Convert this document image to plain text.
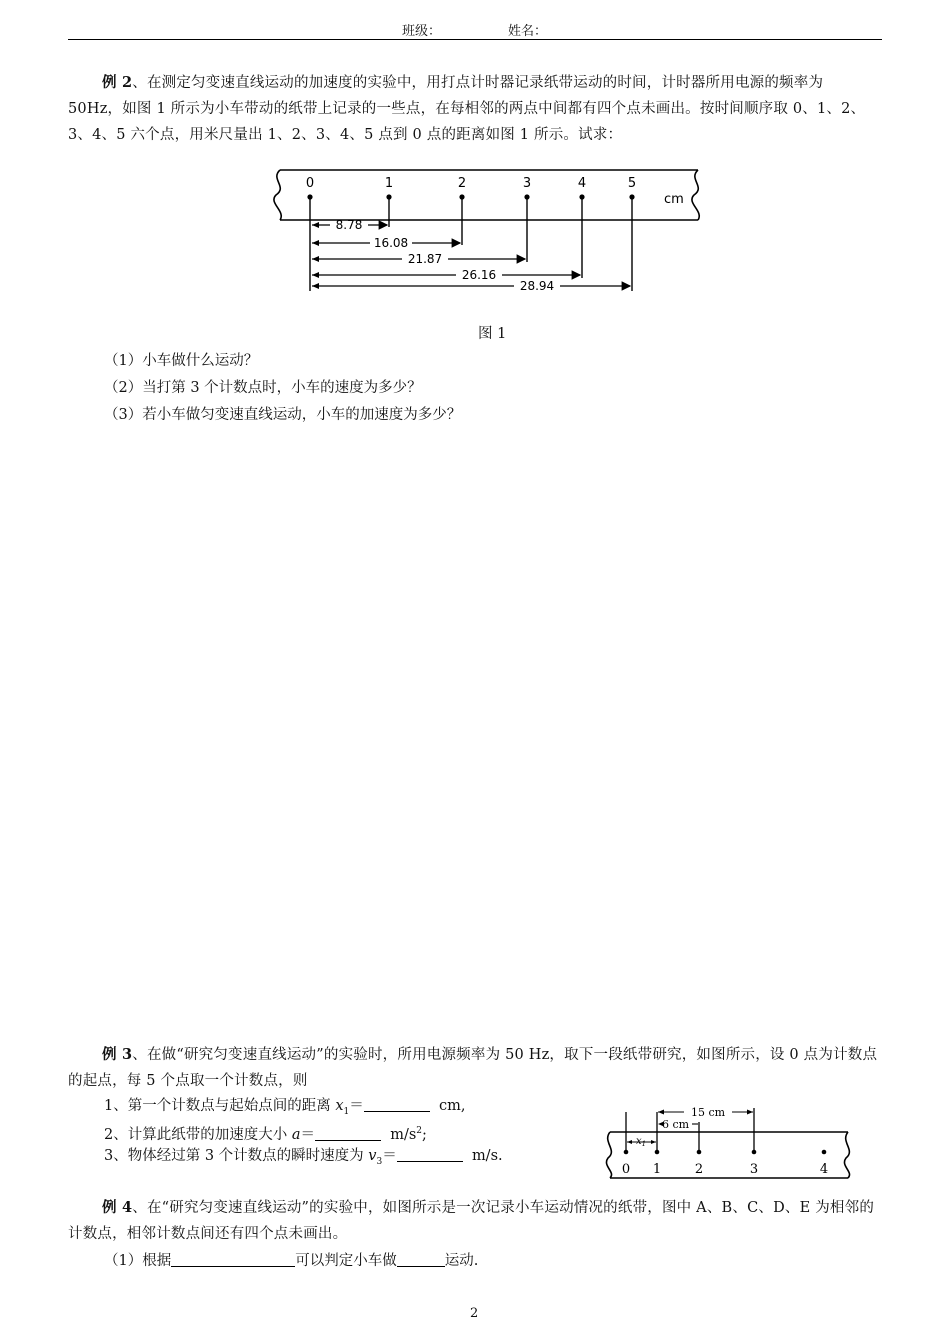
班级：	姓名：
例 2、在测定匀变速直线运动的加速度的实验中，用打点计时器记录纸带运动的时间，计时器所用电源的频率为 50Hz，如图 1 所示为小车带动的纸带上记录的一些点，在每相邻的两点中间都有四个点未画出。按时间顺序取 0、1、2、3、4、5 六个点，用米尺量出 1、2、3、4、5 点到 0 点的距离如图 1 所示。试求：
0	1	2	3	4	5
cm
8.78
16.08
21.87
26.16
28.94
图 1
（1）小车做什么运动？
（2）当打第 3 个计数点时，小车的速度为多少？
（3）若小车做匀变速直线运动，小车的加速度为多少？
例 3、在做“研究匀变速直线运动”的实验时，所用电源频率为 50 Hz，取下一段纸带研究，如图所示，设 0 点为计数点的起点，每 5 个点取一个计数点，则
1、第一个计数点与起始点间的距离 $x_1=$	cm,
2、计算此纸带的加速度大小 a＝	$m/s^2$;
3、物体经过第 3 个计数点的瞬时速度为 $v_3=$	m/s.
15 cm
6 cm
$x_1$
0 1	2	3	4
例 4、在“研究匀变速直线运动”的实验中，如图所示是一次记录小车运动情况的纸带，图中 A、B、C、D、E 为相邻的计数点，相邻计数点间还有四个点未画出。
（1）根据	可以判定小车做	运动.
2
